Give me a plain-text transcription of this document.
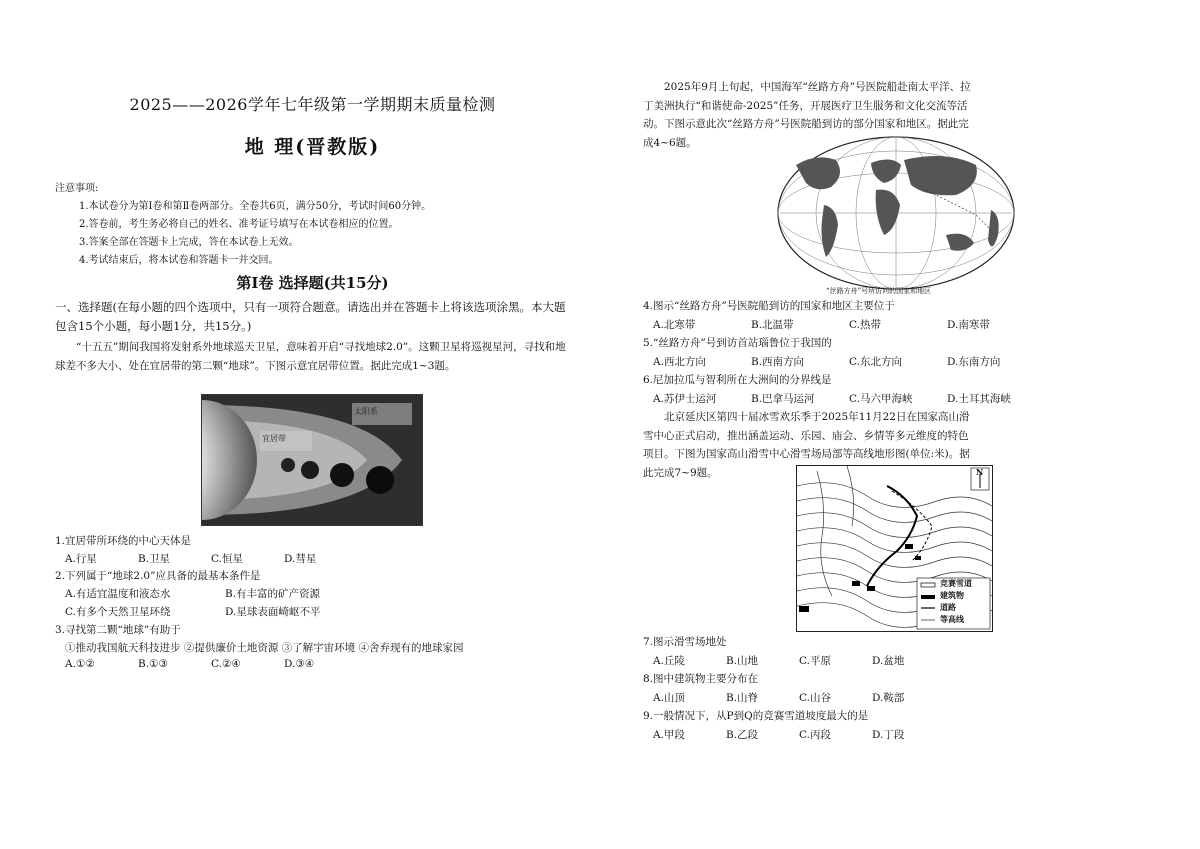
2025——2026学年七年级第一学期期末质量检测
地 理(晋教版)
注意事项:
1.本试卷分为第Ⅰ卷和第Ⅱ卷两部分。全卷共6页，满分50分，考试时间60分钟。
2.答卷前，考生务必将自己的姓名、准考证号填写在本试卷相应的位置。
3.答案全部在答题卡上完成，答在本试卷上无效。
4.考试结束后，将本试卷和答题卡一并交回。
第Ⅰ卷 选择题(共15分)
一、选择题(在每小题的四个选项中，只有一项符合题意。请选出并在答题卡上将该选项涂黑。本大题包含15个小题，每小题1分，共15分。)

“十五五”期间我国将发射系外地球巡天卫星，意味着开启“寻找地球2.0”。这颗卫星将巡视星河，寻找和地球差不多大小、处在宜居带的第二颗“地球”。下图示意宜居带位置。据此完成1~3题。

宜居带
太阳系
1.宜居带所环绕的中心天体是
A.行星	B.卫星	C.恒星	D.彗星
2.下列属于“地球2.0”应具备的最基本条件是
A.有适宜温度和液态水	B.有丰富的矿产资源
C.有多个天然卫星环绕	D.星球表面崎岖不平
3.寻找第二颗“地球”有助于
①推动我国航天科技进步 ②提供廉价土地资源 ③了解宇宙环境 ④舍弃现有的地球家园
A.①②	B.①③	C.②④	D.③④

2025年9月上旬起，中国海军“丝路方舟”号医院船赴南太平洋、拉丁美洲执行“和谐使命-2025”任务，开展医疗卫生服务和文化交流等活动。下图示意此次“丝路方舟”号医院船到访的部分国家和地区。据此完成4~6题。

“丝路方舟”号所访问的国家和地区
4.图示“丝路方舟”号医院船到访的国家和地区主要位于
A.北寒带	B.北温带	C.热带	D.南寒带
5.“丝路方舟”号到访首站瑙鲁位于我国的
A.西北方向	B.西南方向	C.东北方向	D.东南方向
6.尼加拉瓜与智利所在大洲间的分界线是
A.苏伊士运河	B.巴拿马运河	C.马六甲海峡	D.土耳其海峡

北京延庆区第四十届冰雪欢乐季于2025年11月22日在国家高山滑雪中心正式启动，推出涵盖运动、乐园、庙会、乡情等多元维度的特色项目。下图为国家高山滑雪中心滑雪场局部等高线地形图(单位:米)。据此完成7~9题。	N
竞赛雪道
建筑物
道路
等高线
7.图示滑雪场地处
A.丘陵	B.山地	C.平原	D.盆地
8.图中建筑物主要分布在
A.山顶	B.山脊	C.山谷	D.鞍部
9.一般情况下，从P到Q的竞赛雪道坡度最大的是
A.甲段	B.乙段	C.丙段	D.丁段
